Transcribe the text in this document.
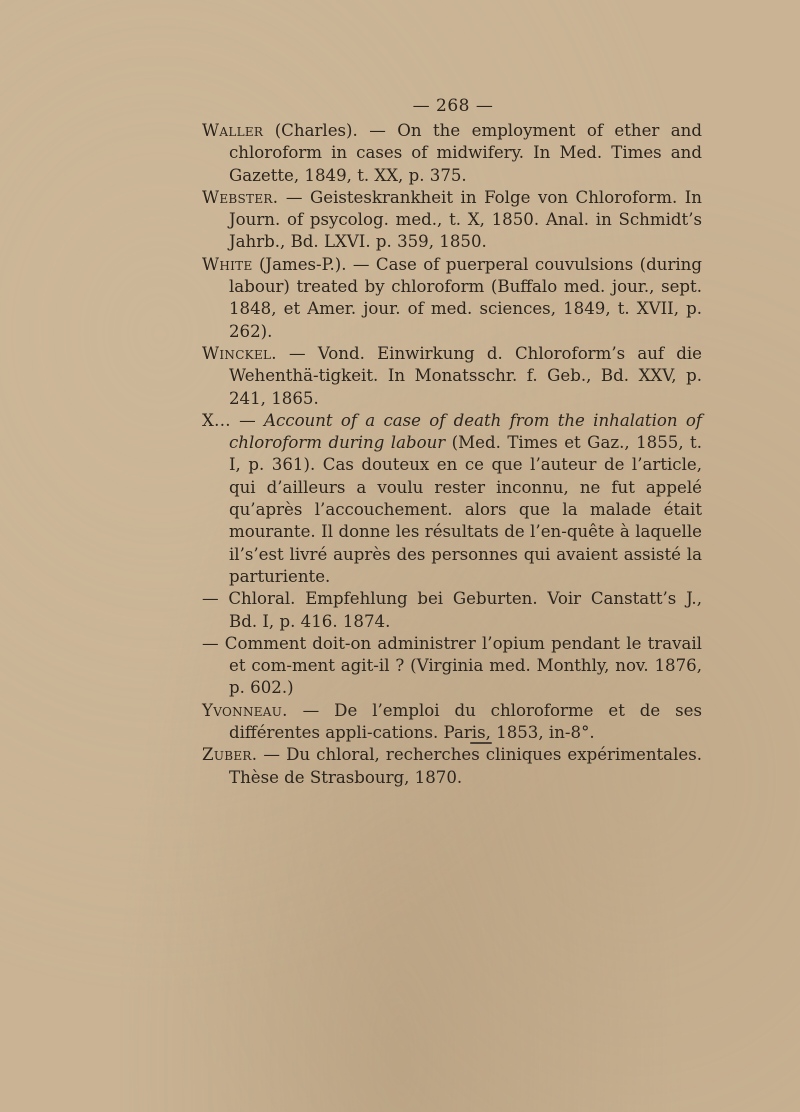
— 268 —

Waller (Charles). — On the employment of ether and chloroform in cases of midwifery. In Med. Times and Gazette, 1849, t. XX, p. 375.

Webster. — Geisteskrankheit in Folge von Chloroform. In Journ. of psycolog. med., t. X, 1850. Anal. in Schmidt’s Jahrb., Bd. LXVI. p. 359, 1850.

White (James-P.). — Case of puerperal couvulsions (during labour) treated by chloroform (Buffalo med. jour., sept. 1848, et Amer. jour. of med. sciences, 1849, t. XVII, p. 262).

Winckel. — Vond. Einwirkung d. Chloroform’s auf die Wehenthä-tigkeit. In Monatsschr. f. Geb., Bd. XXV, p. 241, 1865.

X... — Account of a case of death from the inhalation of chloroform during labour (Med. Times et Gaz., 1855, t. I, p. 361). Cas douteux en ce que l’auteur de l’article, qui d’ailleurs a voulu rester inconnu, ne fut appelé qu’après l’accouchement. alors que la malade était mourante. Il donne les résultats de l’en-quête à laquelle il’s’est livré auprès des personnes qui avaient assisté la parturiente.

— Chloral. Empfehlung bei Geburten. Voir Canstatt’s J., Bd. I, p. 416. 1874.

— Comment doit-on administrer l’opium pendant le travail et com-ment agit-il ? (Virginia med. Monthly, nov. 1876, p. 602.)

Yvonneau. — De l’emploi du chloroforme et de ses différentes appli-cations. Paris, 1853, in-8°.

Zuber. — Du chloral, recherches cliniques expérimentales. Thèse de Strasbourg, 1870.
